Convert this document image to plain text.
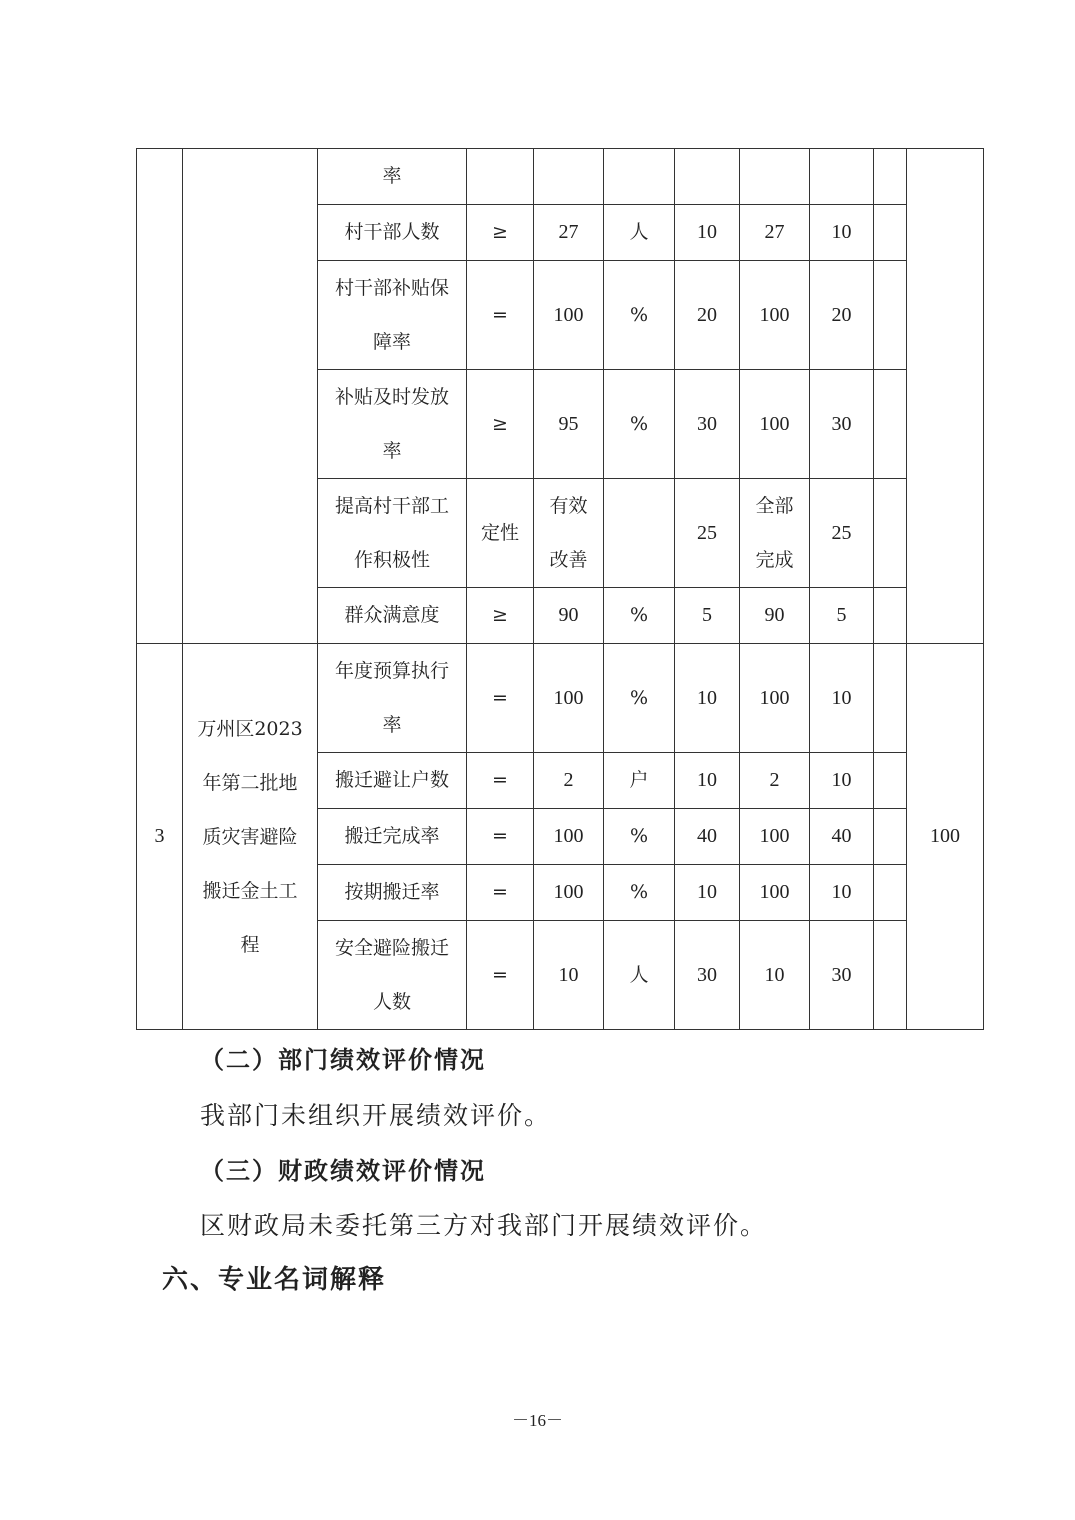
		率								
		村干部人数	≥	27	人	10	27	10		
		村干部补贴保障率	=	100	%	20	100	20		
		补贴及时发放率	≥	95	%	30	100	30		
		提高村干部工作积极性	定性	有效改善		25	全部完成	25		
		群众满意度	≥	90	%	5	90	5		
3	万州区2023年第二批地质灾害避险搬迁金土工程	年度预算执行率	=	100	%	10	100	10		100
		搬迁避让户数	=	2	户	10	2	10		
		搬迁完成率	=	100	%	40	100	40		
		按期搬迁率	=	100	%	10	100	10		
		安全避险搬迁人数	=	10	人	30	10	30		
（二）部门绩效评价情况
我部门未组织开展绩效评价。
（三）财政绩效评价情况
区财政局未委托第三方对我部门开展绩效评价。
六、专业名词解释
－16－
